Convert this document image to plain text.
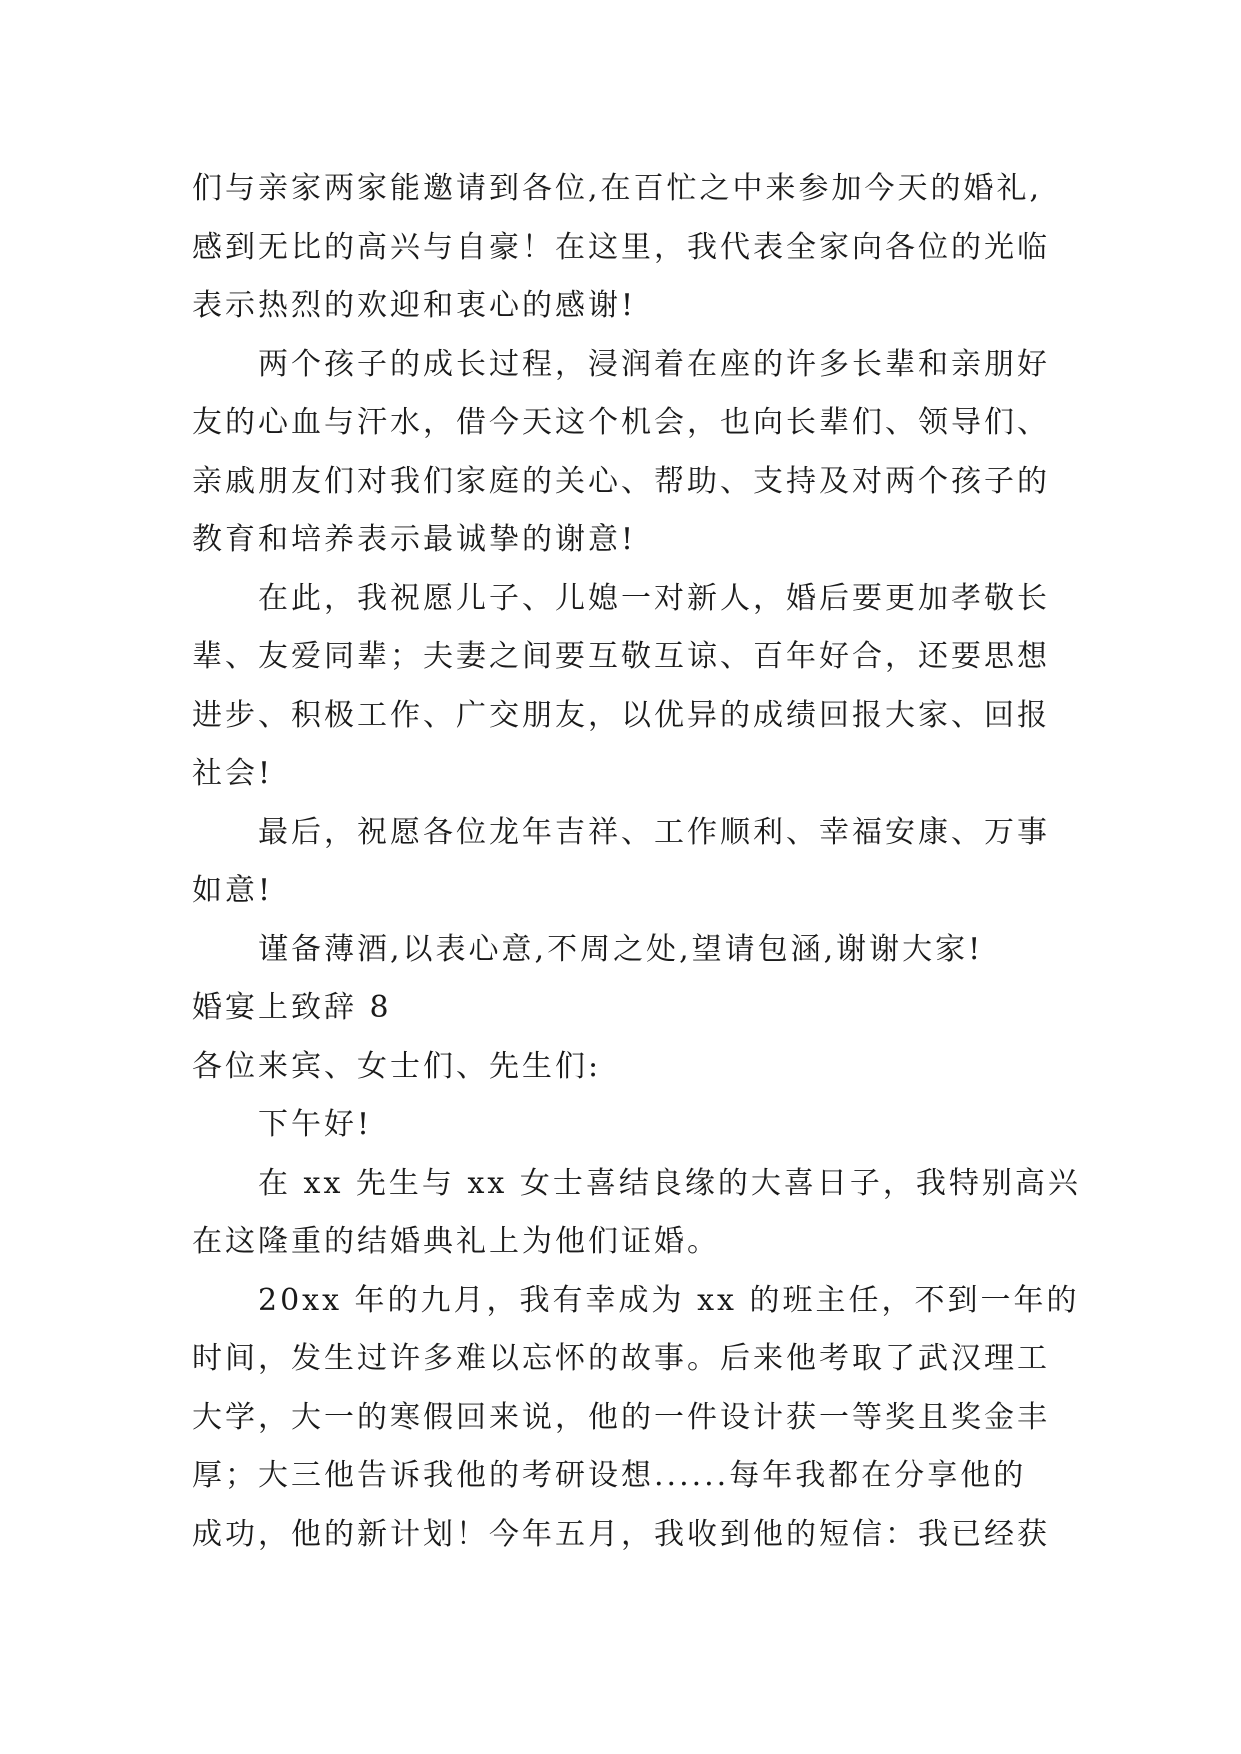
们与亲家两家能邀请到各位,在百忙之中来参加今天的婚礼,
感到无比的高兴与自豪！在这里，我代表全家向各位的光临
表示热烈的欢迎和衷心的感谢!
两个孩子的成长过程，浸润着在座的许多长辈和亲朋好
友的心血与汗水，借今天这个机会，也向长辈们、领导们、
亲戚朋友们对我们家庭的关心、帮助、支持及对两个孩子的
教育和培养表示最诚挚的谢意!
在此，我祝愿儿子、儿媳一对新人，婚后要更加孝敬长
辈、友爱同辈；夫妻之间要互敬互谅、百年好合，还要思想
进步、积极工作、广交朋友，以优异的成绩回报大家、回报
社会!
最后，祝愿各位龙年吉祥、工作顺利、幸福安康、万事
如意!
谨备薄酒,以表心意,不周之处,望请包涵,谢谢大家!
婚宴上致辞 8
各位来宾、女士们、先生们:
下午好!
在 xx 先生与 xx 女士喜结良缘的大喜日子，我特别高兴
在这隆重的结婚典礼上为他们证婚。
20xx 年的九月，我有幸成为 xx 的班主任，不到一年的
时间，发生过许多难以忘怀的故事。后来他考取了武汉理工
大学，大一的寒假回来说，他的一件设计获一等奖且奖金丰
厚；大三他告诉我他的考研设想......每年我都在分享他的
成功，他的新计划！今年五月，我收到他的短信：我已经获
